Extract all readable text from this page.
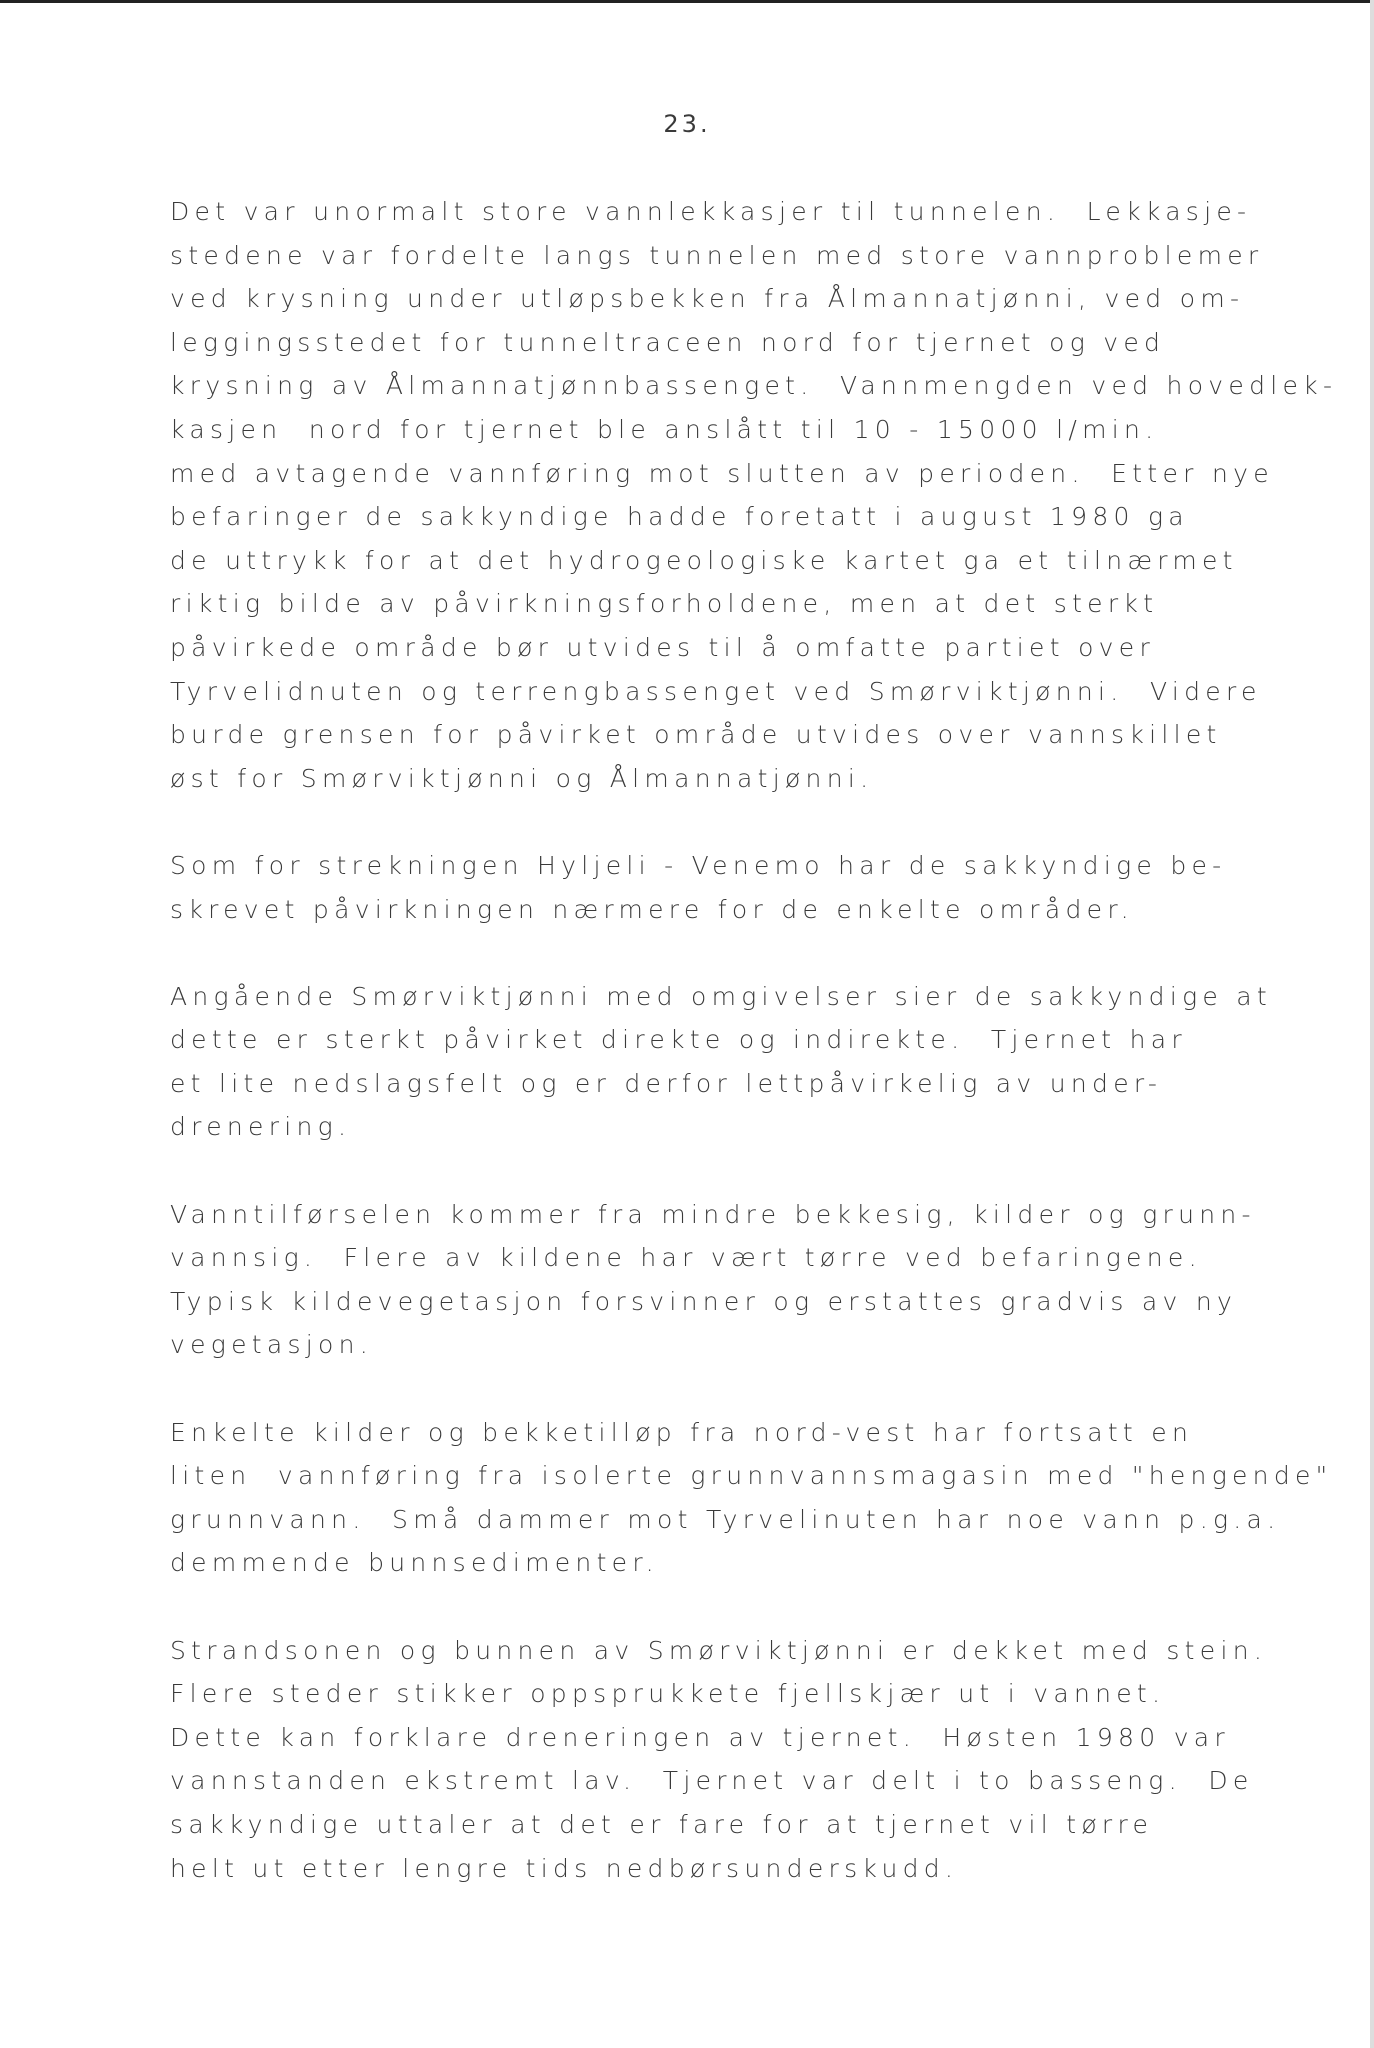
23.
Det var unormalt store vannlekkasjer til tunnelen.  Lekkasje-
stedene var fordelte langs tunnelen med store vannproblemer
ved krysning under utløpsbekken fra Ålmannatjønni, ved om-
leggingsstedet for tunneltraceen nord for tjernet og ved
krysning av Ålmannatjønnbassenget.  Vannmengden ved hovedlek-
kasjen  nord for tjernet ble anslått til 10 - 15000 l/min.
med avtagende vannføring mot slutten av perioden.  Etter nye
befaringer de sakkyndige hadde foretatt i august 1980 ga
de uttrykk for at det hydrogeologiske kartet ga et tilnærmet
riktig bilde av påvirkningsforholdene, men at det sterkt
påvirkede område bør utvides til å omfatte partiet over
Tyrvelidnuten og terrengbassenget ved Smørviktjønni.  Videre
burde grensen for påvirket område utvides over vannskillet
øst for Smørviktjønni og Ålmannatjønni.
Som for strekningen Hyljeli - Venemo har de sakkyndige be-
skrevet påvirkningen nærmere for de enkelte områder.
Angående Smørviktjønni med omgivelser sier de sakkyndige at
dette er sterkt påvirket direkte og indirekte.  Tjernet har
et lite nedslagsfelt og er derfor lettpåvirkelig av under-
drenering.
Vanntilførselen kommer fra mindre bekkesig, kilder og grunn-
vannsig.  Flere av kildene har vært tørre ved befaringene.
Typisk kildevegetasjon forsvinner og erstattes gradvis av ny
vegetasjon.
Enkelte kilder og bekketilløp fra nord-vest har fortsatt en
liten  vannføring fra isolerte grunnvannsmagasin med "hengende"
grunnvann.  Små dammer mot Tyrvelinuten har noe vann p.g.a.
demmende bunnsedimenter.
Strandsonen og bunnen av Smørviktjønni er dekket med stein.
Flere steder stikker oppsprukkete fjellskjær ut i vannet.
Dette kan forklare dreneringen av tjernet.  Høsten 1980 var
vannstanden ekstremt lav.  Tjernet var delt i to basseng.  De
sakkyndige uttaler at det er fare for at tjernet vil tørre
helt ut etter lengre tids nedbørsunderskudd.
